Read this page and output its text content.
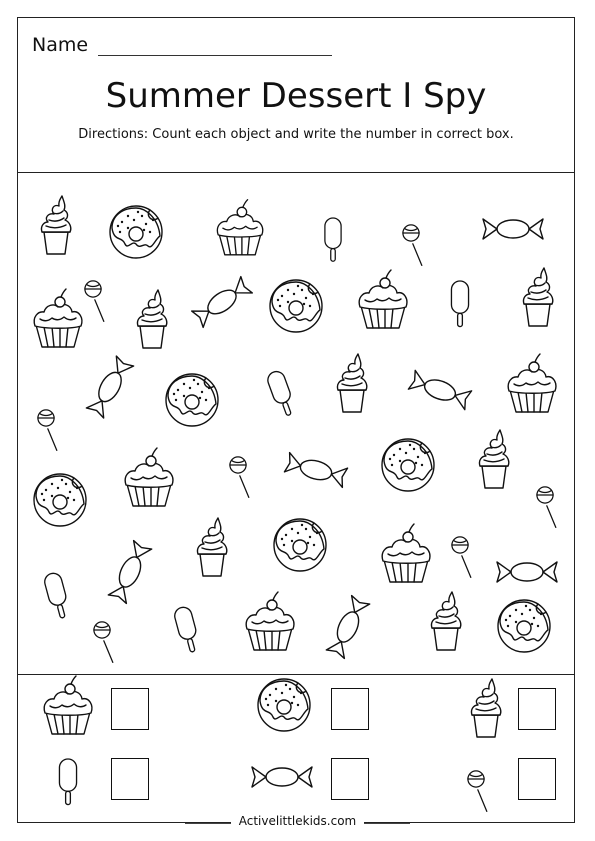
Name
Summer Dessert I Spy
Directions: Count each object and write the number in correct box.
Activelittlekids.com
